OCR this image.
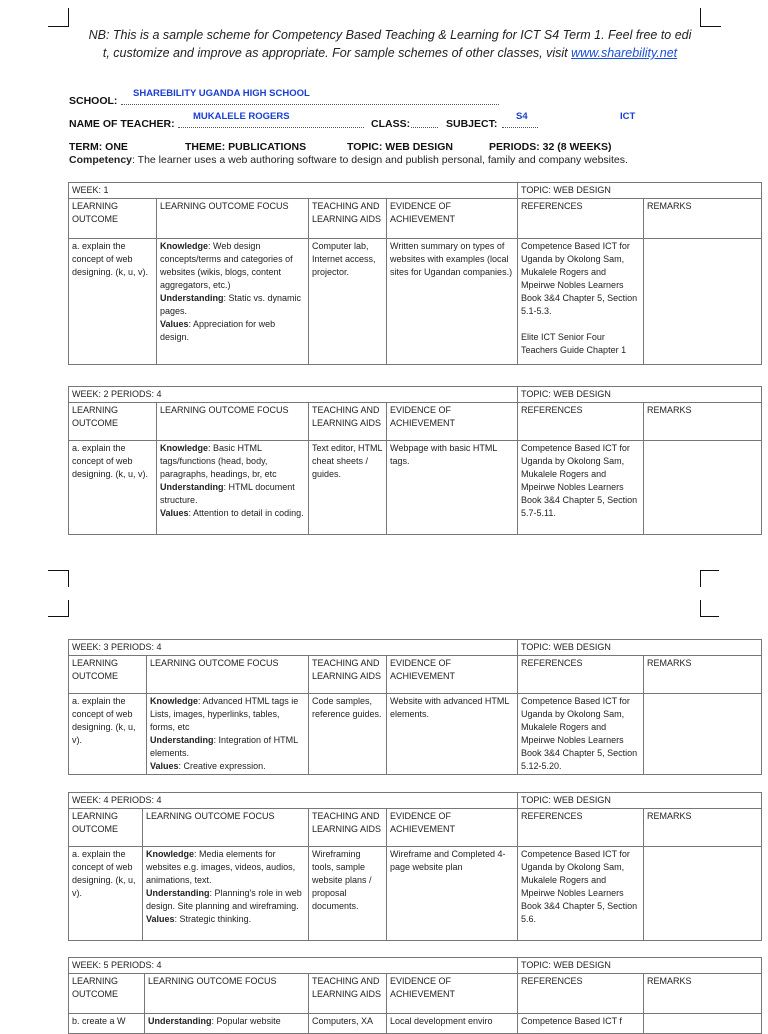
NB: This is a sample scheme for Competency Based Teaching & Learning for ICT S4 Term 1. Feel free to edi
t, customize and improve as appropriate. For sample schemes of other classes, visit www.sharebility.net
SHAREBILITY UGANDA HIGH SCHOOL
SCHOOL:
MUKALELE ROGERS
NAME OF TEACHER:	CLASS:	SUBJECT:
S4	ICT
TERM: ONE	THEME: PUBLICATIONS	TOPIC: WEB DESIGN	PERIODS: 32 (8 WEEKS)
Competency: The learner uses a web authoring software to design and publish personal, family and company websites.
WEEK: 1				TOPIC: WEB DESIGN	
LEARNING OUTCOME	LEARNING OUTCOME FOCUS	TEACHING AND LEARNING AIDS	EVIDENCE OF ACHIEVEMENT	REFERENCES	REMARKS
a. explain the concept of web designing. (k, u, v).	Knowledge: Web design concepts/terms and categories of websites (wikis, blogs, content aggregators, etc.)
Understanding: Static vs. dynamic pages.
Values: Appreciation for web design.	Computer lab, Internet access, projector.	Written summary on types of websites with examples (local sites for Ugandan companies.)	Competence Based ICT for Uganda by Okolong Sam, Mukalele Rogers and Mpeirwe Nobles Learners Book 3&4 Chapter 5, Section 5.1-5.3.

Elite ICT Senior Four Teachers Guide Chapter 1	
WEEK: 2 PERIODS: 4				TOPIC: WEB DESIGN	
LEARNING OUTCOME	LEARNING OUTCOME FOCUS	TEACHING AND LEARNING AIDS	EVIDENCE OF ACHIEVEMENT	REFERENCES	REMARKS
a. explain the concept of web designing. (k, u, v).	Knowledge: Basic HTML tags/functions (head, body, paragraphs, headings, br, etc
Understanding: HTML document structure.
Values: Attention to detail in coding.	Text editor, HTML cheat sheets / guides.	Webpage with basic HTML tags.	Competence Based ICT for Uganda by Okolong Sam, Mukalele Rogers and Mpeirwe Nobles Learners Book 3&4 Chapter 5, Section 5.7-5.11.	
WEEK: 3 PERIODS: 4				TOPIC: WEB DESIGN	
LEARNING OUTCOME	LEARNING OUTCOME FOCUS	TEACHING AND LEARNING AIDS	EVIDENCE OF ACHIEVEMENT	REFERENCES	REMARKS
a. explain the concept of web designing. (k, u, v).	Knowledge: Advanced HTML tags ie Lists, images, hyperlinks, tables, forms, etc
Understanding: Integration of HTML elements.
Values: Creative expression.	Code samples, reference guides.	Website with advanced HTML elements.	Competence Based ICT for Uganda by Okolong Sam, Mukalele Rogers and Mpeirwe Nobles Learners Book 3&4 Chapter 5, Section 5.12-5.20.	
WEEK: 4 PERIODS: 4				TOPIC: WEB DESIGN	
LEARNING OUTCOME	LEARNING OUTCOME FOCUS	TEACHING AND LEARNING AIDS	EVIDENCE OF ACHIEVEMENT	REFERENCES	REMARKS
a. explain the concept of web designing. (k, u, v).	Knowledge: Media elements for websites e.g. images, videos, audios, animations, text.
Understanding: Planning's role in web design. Site planning and wireframing.
Values: Strategic thinking.	Wireframing tools, sample website plans / proposal documents.	Wireframe and Completed 4-page website plan	Competence Based ICT for Uganda by Okolong Sam, Mukalele Rogers and Mpeirwe Nobles Learners Book 3&4 Chapter 5, Section 5.6.	
WEEK: 5 PERIODS: 4				TOPIC: WEB DESIGN	
LEARNING OUTCOME	LEARNING OUTCOME FOCUS	TEACHING AND LEARNING AIDS	EVIDENCE OF ACHIEVEMENT	REFERENCES	REMARKS
b. create a W	Understanding: Popular website	Computers, XA	Local development enviro	Competence Based ICT f	
